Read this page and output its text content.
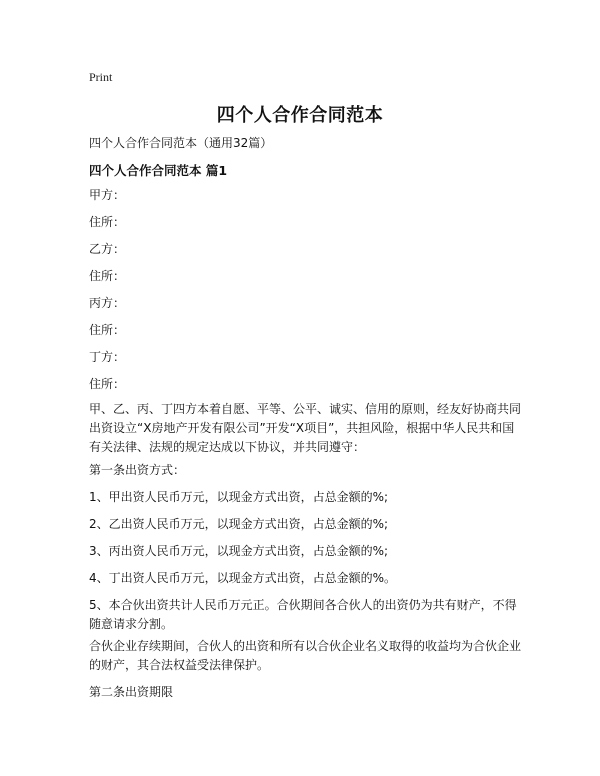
Print
四个人合作合同范本
四个人合作合同范本（通用32篇）
四个人合作合同范本 篇1
甲方：
住所：
乙方：
住所：
丙方：
住所：
丁方：
住所：
甲、乙、丙、丁四方本着自愿、平等、公平、诚实、信用的原则，经友好协商共同
出资设立“X房地产开发有限公司”开发“X项目”，共担风险，根据中华人民共和国
有关法律、法规的规定达成以下协议，并共同遵守：
第一条出资方式：
1、甲出资人民币万元，以现金方式出资，占总金额的%;
2、乙出资人民币万元，以现金方式出资，占总金额的%;
3、丙出资人民币万元，以现金方式出资，占总金额的%;
4、丁出资人民币万元，以现金方式出资，占总金额的%。
5、本合伙出资共计人民币万元正。合伙期间各合伙人的出资仍为共有财产，不得
随意请求分割。
合伙企业存续期间，合伙人的出资和所有以合伙企业名义取得的收益均为合伙企业
的财产，其合法权益受法律保护。
第二条出资期限
